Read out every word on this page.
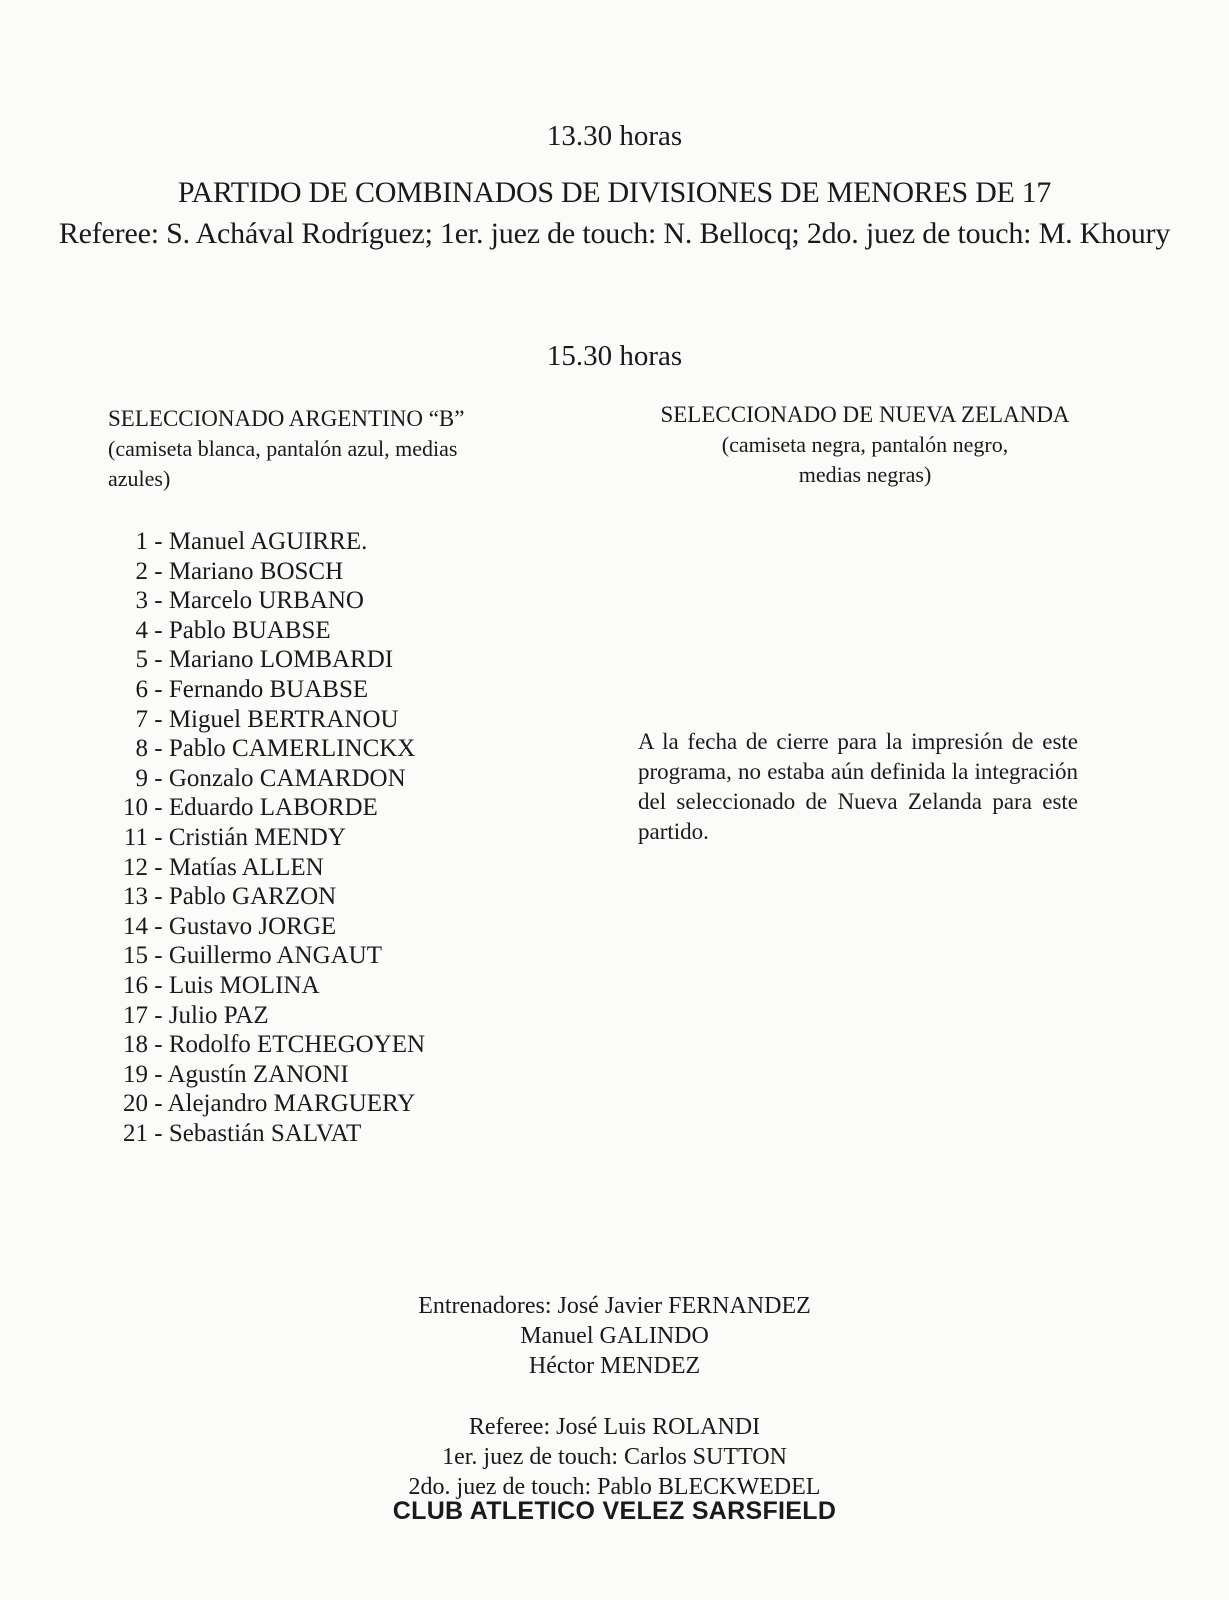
13.30 horas
PARTIDO DE COMBINADOS DE DIVISIONES DE MENORES DE 17
Referee: S. Achával Rodríguez; 1er. juez de touch: N. Bellocq; 2do. juez de touch: M. Khoury
15.30 horas
SELECCIONADO ARGENTINO “B”
(camiseta blanca, pantalón azul, medias
azules)
SELECCIONADO DE NUEVA ZELANDA
(camiseta negra, pantalón negro,
medias negras)
1 - Manuel AGUIRRE.
2 - Mariano BOSCH
3 - Marcelo URBANO
4 - Pablo BUABSE
5 - Mariano LOMBARDI
6 - Fernando BUABSE
7 - Miguel BERTRANOU
8 - Pablo CAMERLINCKX
9 - Gonzalo CAMARDON
10 - Eduardo LABORDE
11 - Cristián MENDY
12 - Matías ALLEN
13 - Pablo GARZON
14 - Gustavo JORGE
15 - Guillermo ANGAUT
16 - Luis MOLINA
17 - Julio PAZ
18 - Rodolfo ETCHEGOYEN
19 - Agustín ZANONI
20 - Alejandro MARGUERY
21 - Sebastián SALVAT
A la fecha de cierre para la impresión de este programa, no estaba aún definida la integración del seleccionado de Nueva Zelanda para este partido.
Entrenadores: José Javier FERNANDEZ
Manuel GALINDO
Héctor MENDEZ
Referee: José Luis ROLANDI
1er. juez de touch: Carlos SUTTON
2do. juez de touch: Pablo BLECKWEDEL
CLUB ATLETICO VELEZ SARSFIELD
